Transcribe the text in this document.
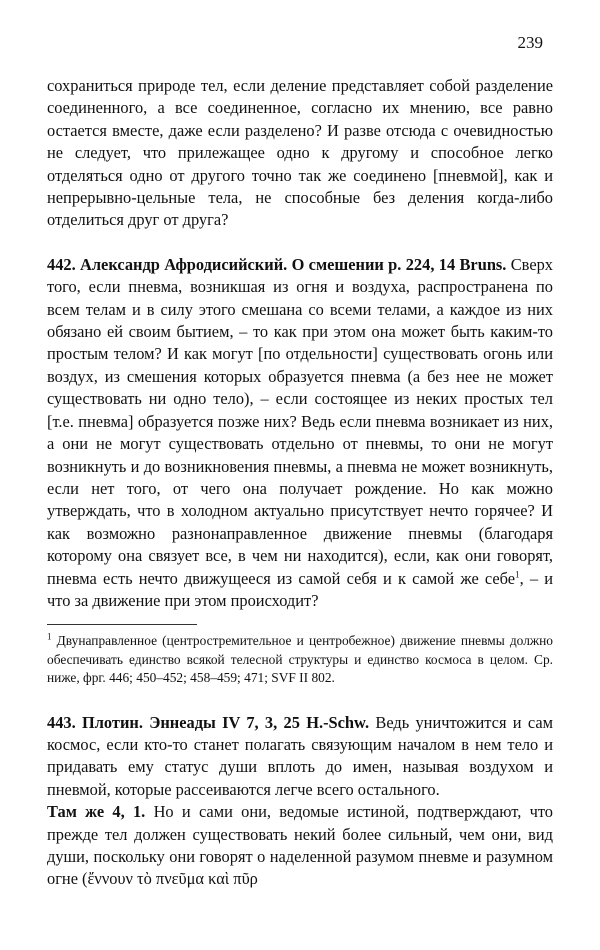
239

сохраниться природе тел, если деление представляет собой разделение соединенного, а все соединенное, согласно их мнению, все равно остается вместе, даже если разделено? И разве отсюда с очевидностью не следует, что прилежащее одно к другому и способное легко отделяться одно от другого точно так же соединено [пневмой], как и непрерывно-цельные тела, не способные без деления когда-либо отделиться друг от друга?

442. Александр Афродисийский. О смешении p. 224, 14 Bruns. Сверх того, если пневма, возникшая из огня и воздуха, распространена по всем телам и в силу этого смешана со всеми телами, а каждое из них обязано ей своим бытием, – то как при этом она может быть каким-то простым телом? И как могут [по отдельности] существовать огонь или воздух, из смешения которых образуется пневма (а без нее не может существовать ни одно тело), – если состоящее из неких простых тел [т.е. пневма] образуется позже них? Ведь если пневма возникает из них, а они не могут существовать отдельно от пневмы, то они не могут возникнуть и до возникновения пневмы, а пневма не может возникнуть, если нет того, от чего она получает рождение. Но как можно утверждать, что в холодном актуально присутствует нечто горячее? И как возможно разнонаправленное движение пневмы (благодаря которому она связует все, в чем ни находится), если, как они говорят, пневма есть нечто движущееся из самой себя и к самой же себе$^1$, – и что за движение при этом происходит?

$^1$ Двунаправленное (центростремительное и центробежное) движение пневмы должно обеспечивать единство всякой телесной структуры и единство космоса в целом. Ср. ниже, фрг. 446; 450–452; 458–459; 471; SVF II 802.

443. Плотин. Эннеады IV 7, 3, 25 H.-Schw. Ведь уничтожится и сам космос, если кто-то станет полагать связующим началом в нем тело и придавать ему статус души вплоть до имен, называя воздухом и пневмой, которые рассеиваются легче всего остального.

Там же 4, 1. Но и сами они, ведомые истиной, подтверждают, что прежде тел должен существовать некий более сильный, чем они, вид души, поскольку они говорят о наделенной разумом пневме и разумном огне (ἔννουν τὸ πνεῦμα καὶ πῦρ
